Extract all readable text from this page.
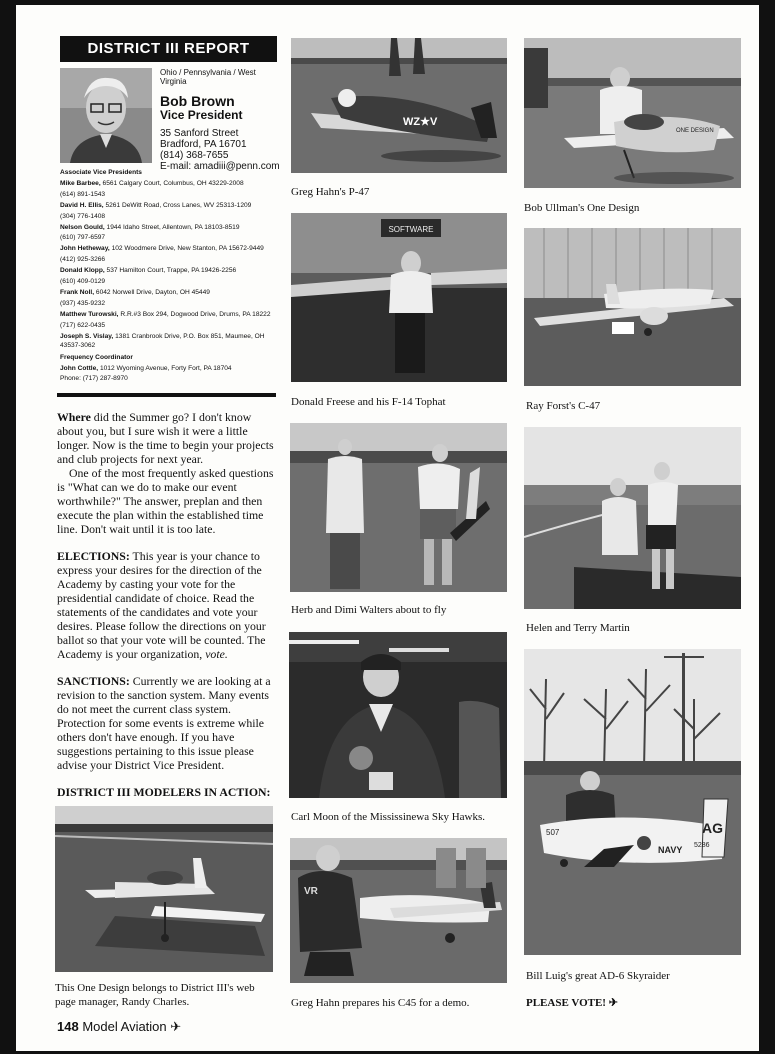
DISTRICT III REPORT
Ohio / Pennsylvania / West Virginia
Bob Brown
Vice President
35 Sanford Street
Bradford, PA 16701
(814) 368-7655
E-mail: amadiii@penn.com
Associate Vice Presidents
Mike Barbee, 6561 Calgary Court, Columbus, OH 43229-2008
(614) 891-1543
David H. Ellis, 5261 DeWitt Road, Cross Lanes, WV 25313-1209
(304) 776-1408
Nelson Gould, 1944 Idaho Street, Allentown, PA 18103-8519
(610) 797-6597
John Hetheway, 102 Woodmere Drive, New Stanton, PA 15672-9449
(412) 925-3266
Donald Klopp, 537 Hamilton Court, Trappe, PA 19426-2256
(610) 409-0129
Frank Noll, 6042 Norwell Drive, Dayton, OH 45449
(937) 435-9232
Matthew Turowski, R.R.#3 Box 294, Dogwood Drive, Drums, PA 18222
(717) 622-0435
Joseph S. Vislay, 1381 Cranbrook Drive, P.O. Box 851, Maumee, OH 43537-3062
Frequency Coordinator
John Cottle, 1012 Wyoming Avenue, Forty Fort, PA 18704
Phone: (717) 287-8970

Where did the Summer go? I don't know about you, but I sure wish it were a little longer. Now is the time to begin your projects and club projects for next year.

One of the most frequently asked questions is "What can we do to make our event worthwhile?" The answer, preplan and then execute the plan within the established time line. Don't wait until it is too late.

ELECTIONS: This year is your chance to express your desires for the direction of the Academy by casting your vote for the presidential candidate of choice. Read the statements of the candidates and vote your desires. Please follow the directions on your ballot so that your vote will be counted. The Academy is your organization, vote.

SANCTIONS: Currently we are looking at a revision to the sanction system. Many events do not meet the current class system. Protection for some events is extreme while others don't have enough. If you have suggestions pertaining to this issue please advise your District Vice President.

DISTRICT III MODELERS IN ACTION:

This One Design belongs to District III's web page manager, Randy Charles.
WZ★V
Greg Hahn's P-47
SOFTWARE
Donald Freese and his F-14 Tophat
Herb and Dimi Walters about to fly
Carl Moon of the Mississinewa Sky Hawks.
VR
Greg Hahn prepares his C45 for a demo.
ONE DESIGN
Bob Ullman's One Design
Ray Forst's C-47
Helen and Terry Martin
AG
5286
NAVY
507
Bill Luig's great AD-6 Skyraider
PLEASE VOTE! ✈
148 Model Aviation ✈
